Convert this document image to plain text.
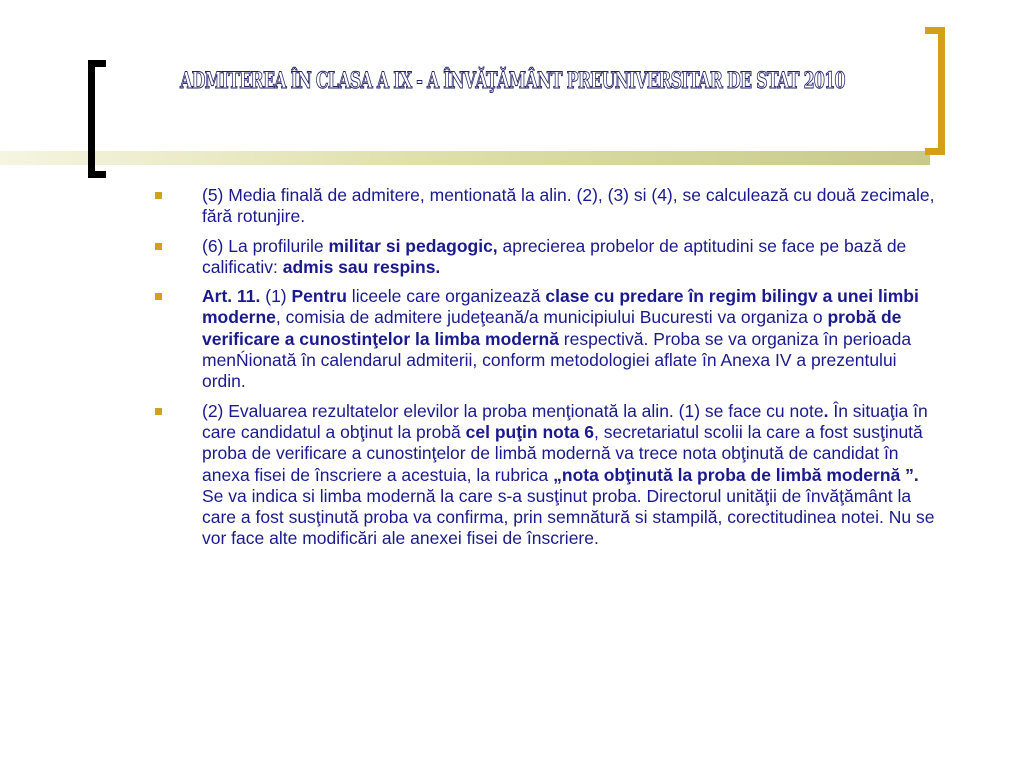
ADMITEREA ÎN CLASA A IX - A ÎNVĂŢĂMÂNT PREUNIVERSITAR DE STAT 2010
(5) Media finală de admitere, mentionată la alin. (2), (3) si (4), se calculează cu două zecimale, fără rotunjire.
(6) La profilurile militar si pedagogic, aprecierea probelor de aptitudini se face pe bază de calificativ: admis sau respins.
Art. 11. (1) Pentru liceele care organizează clase cu predare în regim bilingv a unei limbi moderne, comisia de admitere judeţeană/a municipiului Bucuresti va organiza o probă de verificare a cunostinţelor la limba modernă respectivă. Proba se va organiza în perioada menŃionată în calendarul admiterii, conform metodologiei aflate în Anexa IV a prezentului ordin.
(2) Evaluarea rezultatelor elevilor la proba menţionată la alin. (1) se face cu note. În situaţia în care candidatul a obţinut la probă cel puţin nota 6, secretariatul scolii la care a fost susţinută proba de verificare a cunostinţelor de limbă modernă va trece nota obţinută de candidat în anexa fisei de înscriere a acestuia, la rubrica „nota obţinută la proba de limbă modernă ”. Se va indica si limba modernă la care s-a susţinut proba. Directorul unităţii de învăţământ la care a fost susţinută proba va confirma, prin semnătură si stampilă, corectitudinea notei. Nu se vor face alte modificări ale anexei fisei de înscriere.
